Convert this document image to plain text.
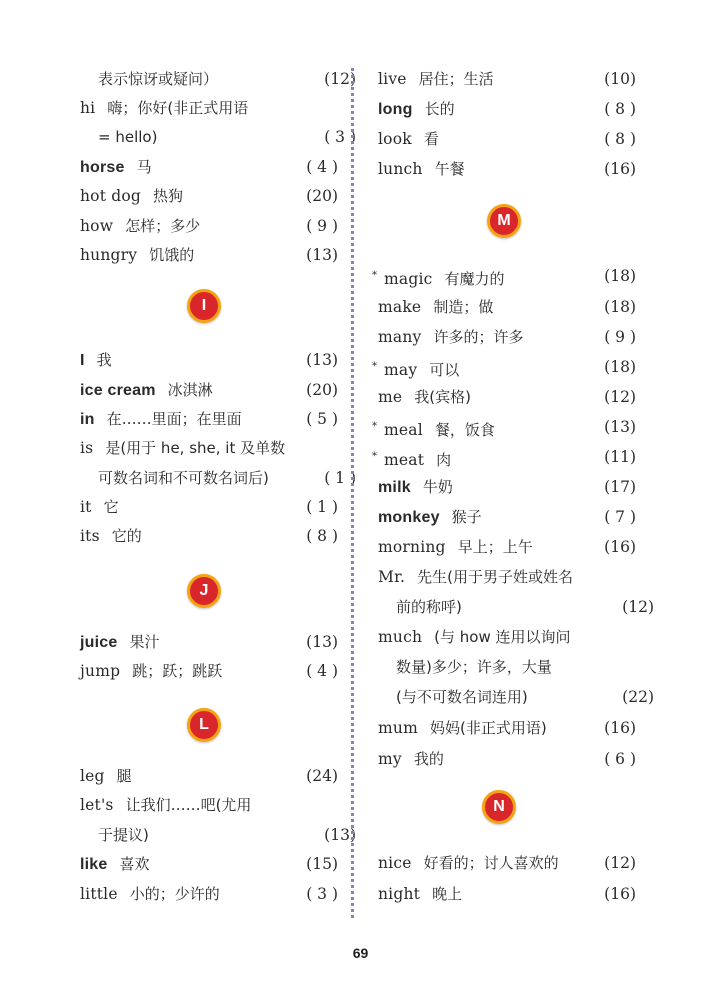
表示惊讶或疑问）	(12)
hi 嗨；你好(非正式用语
= hello)	( 3 )
horse 马	( 4 )
hot dog 热狗	(20)
how 怎样；多少	( 9 )
hungry 饥饿的	(13)
I
I 我	(13)
ice cream 冰淇淋	(20)
in 在……里面；在里面	( 5 )
is 是(用于 he, she, it 及单数
可数名词和不可数名词后)	( 1 )
it 它	( 1 )
its 它的	( 8 )
J
juice 果汁	(13)
jump 跳；跃；跳跃	( 4 )
L
leg 腿	(24)
let's 让我们……吧(尤用
于提议)	(13)
like 喜欢	(15)
little 小的；少许的	( 3 )
live 居住；生活	(10)
long 长的	( 8 )
look 看	( 8 )
lunch 午餐	(16)
M
* magic 有魔力的	(18)
make 制造；做	(18)
many 许多的；许多	( 9 )
* may 可以	(18)
me 我(宾格)	(12)
* meal 餐，饭食	(13)
* meat 肉	(11)
milk 牛奶	(17)
monkey 猴子	( 7 )
morning 早上；上午	(16)
Mr. 先生(用于男子姓或姓名
前的称呼)	(12)
much (与 how 连用以询问
数量)多少；许多，大量
(与不可数名词连用)	(22)
mum 妈妈(非正式用语)	(16)
my 我的	( 6 )
N
nice 好看的；讨人喜欢的	(12)
night 晚上	(16)
69
